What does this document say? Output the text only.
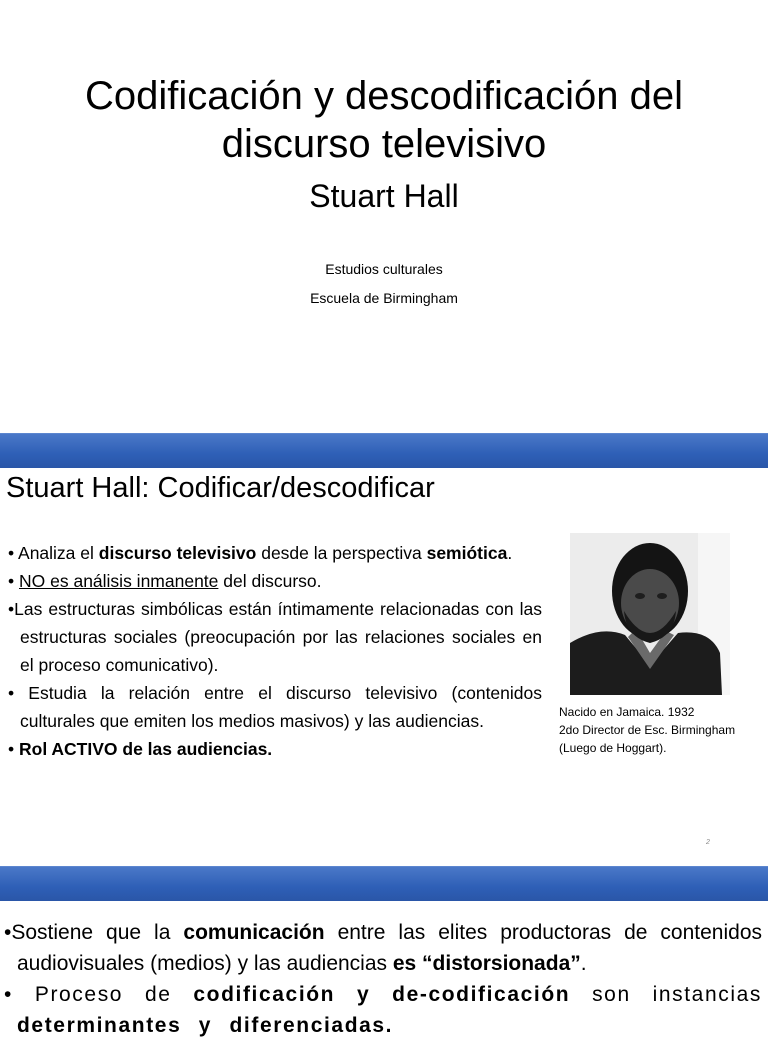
Codificación y descodificación del
discurso televisivo
Stuart Hall
Estudios culturales
Escuela de Birmingham
Stuart Hall: Codificar/descodificar

• Analiza el discurso televisivo desde la perspectiva semiótica.

• NO es análisis inmanente del discurso.

•Las estructuras simbólicas están íntimamente relacionadas con las estructuras sociales (preocupación por las relaciones sociales en el proceso comunicativo).

• Estudia la relación entre el discurso televisivo (contenidos culturales que emiten los medios masivos) y las audiencias.

• Rol ACTIVO de las audiencias.

Nacido en Jamaica. 1932
2do Director de Esc. Birmingham
(Luego de Hoggart).
2

•Sostiene que la comunicación entre las elites productoras de contenidos audiovisuales (medios) y las audiencias es “distorsionada”.

• Proceso de codificación y de-codificación son instancias determinantes y diferenciadas.
